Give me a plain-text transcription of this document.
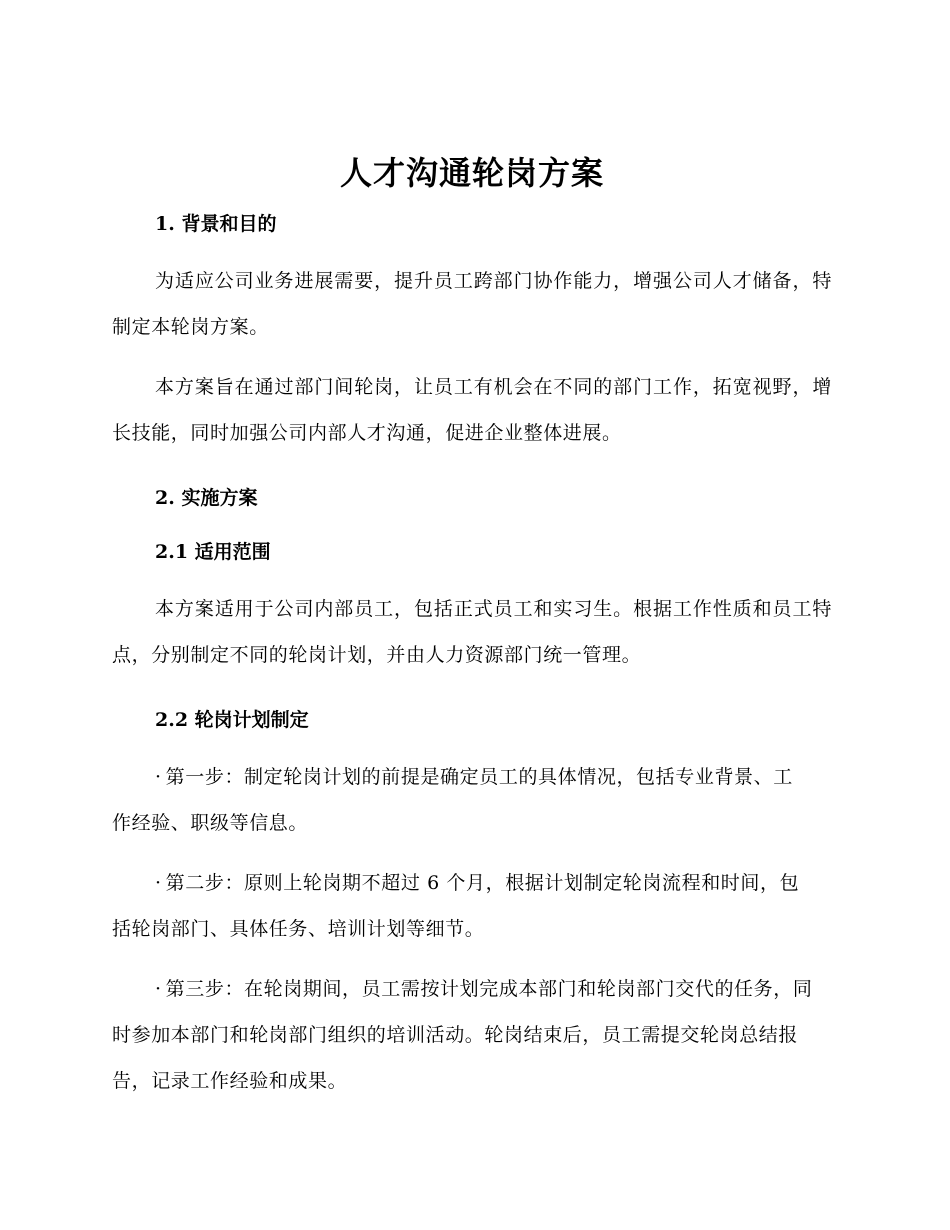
人才沟通轮岗方案
1. 背景和目的

为适应公司业务进展需要，提升员工跨部门协作能力，增强公司人才储备，特制定本轮岗方案。

本方案旨在通过部门间轮岗，让员工有机会在不同的部门工作，拓宽视野，增长技能，同时加强公司内部人才沟通，促进企业整体进展。

2. 实施方案
2.1 适用范围

本方案适用于公司内部员工，包括正式员工和实习生。根据工作性质和员工特点，分别制定不同的轮岗计划，并由人力资源部门统一管理。

2.2 轮岗计划制定

· 第一步：制定轮岗计划的前提是确定员工的具体情况，包括专业背景、工作经验、职级等信息。

· 第二步：原则上轮岗期不超过 6 个月，根据计划制定轮岗流程和时间，包括轮岗部门、具体任务、培训计划等细节。

· 第三步：在轮岗期间，员工需按计划完成本部门和轮岗部门交代的任务，同时参加本部门和轮岗部门组织的培训活动。轮岗结束后，员工需提交轮岗总结报告，记录工作经验和成果。
